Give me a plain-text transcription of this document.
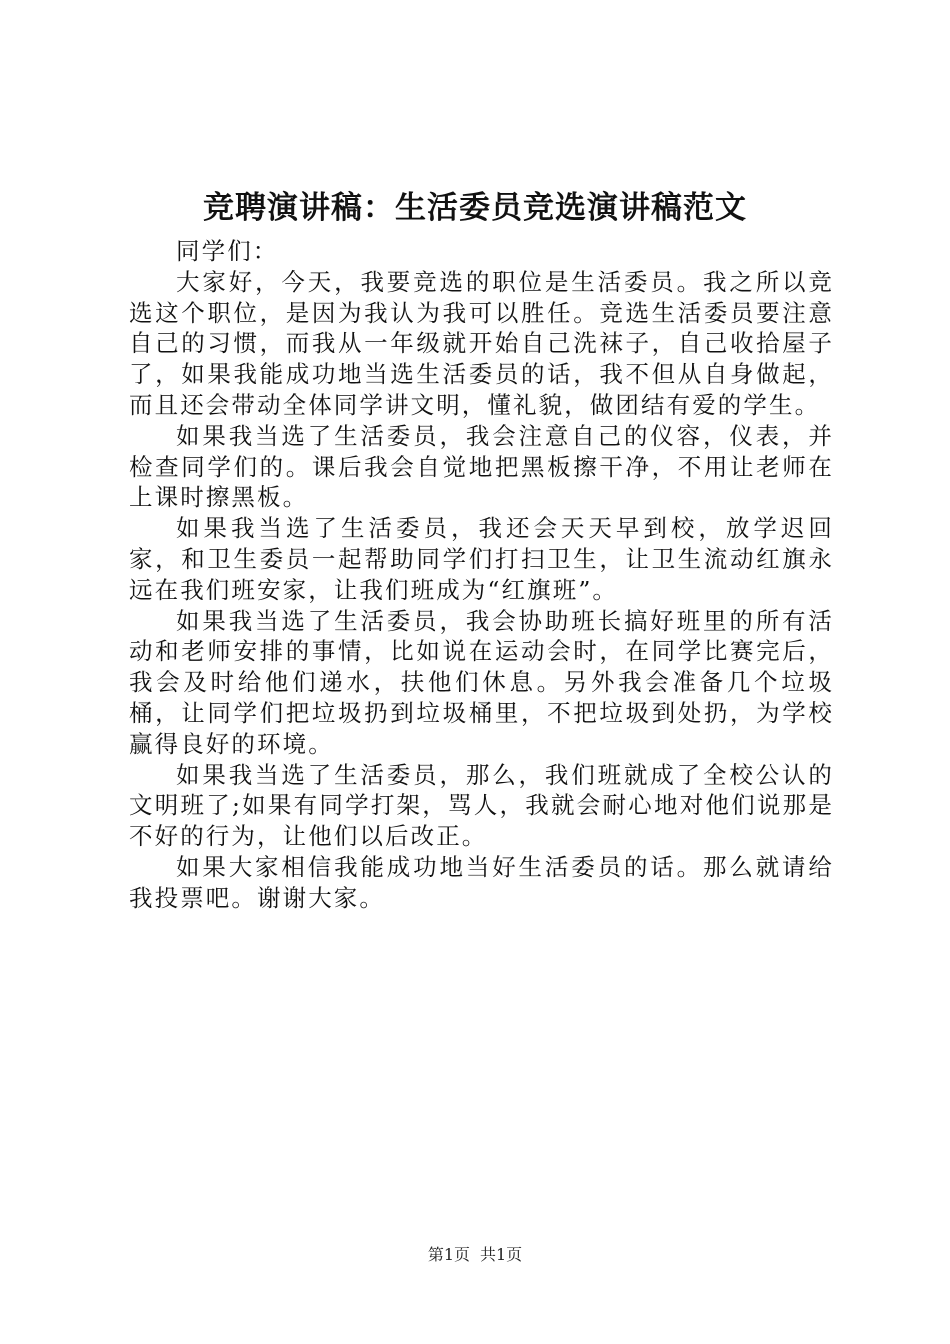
竞聘演讲稿：生活委员竞选演讲稿范文

同学们：

大家好，今天，我要竞选的职位是生活委员。我之所以竞选这个职位，是因为我认为我可以胜任。竞选生活委员要注意自己的习惯，而我从一年级就开始自己洗袜子，自己收拾屋子了，如果我能成功地当选生活委员的话，我不但从自身做起，而且还会带动全体同学讲文明，懂礼貌，做团结有爱的学生。

如果我当选了生活委员，我会注意自己的仪容，仪表，并检查同学们的。课后我会自觉地把黑板擦干净，不用让老师在上课时擦黑板。

如果我当选了生活委员，我还会天天早到校，放学迟回家，和卫生委员一起帮助同学们打扫卫生，让卫生流动红旗永远在我们班安家，让我们班成为“红旗班”。

如果我当选了生活委员，我会协助班长搞好班里的所有活动和老师安排的事情，比如说在运动会时，在同学比赛完后，我会及时给他们递水，扶他们休息。另外我会准备几个垃圾桶，让同学们把垃圾扔到垃圾桶里，不把垃圾到处扔，为学校赢得良好的环境。

如果我当选了生活委员，那么，我们班就成了全校公认的文明班了;如果有同学打架，骂人，我就会耐心地对他们说那是不好的行为，让他们以后改正。

如果大家相信我能成功地当好生活委员的话。那么就请给我投票吧。谢谢大家。

第1页 共1页
